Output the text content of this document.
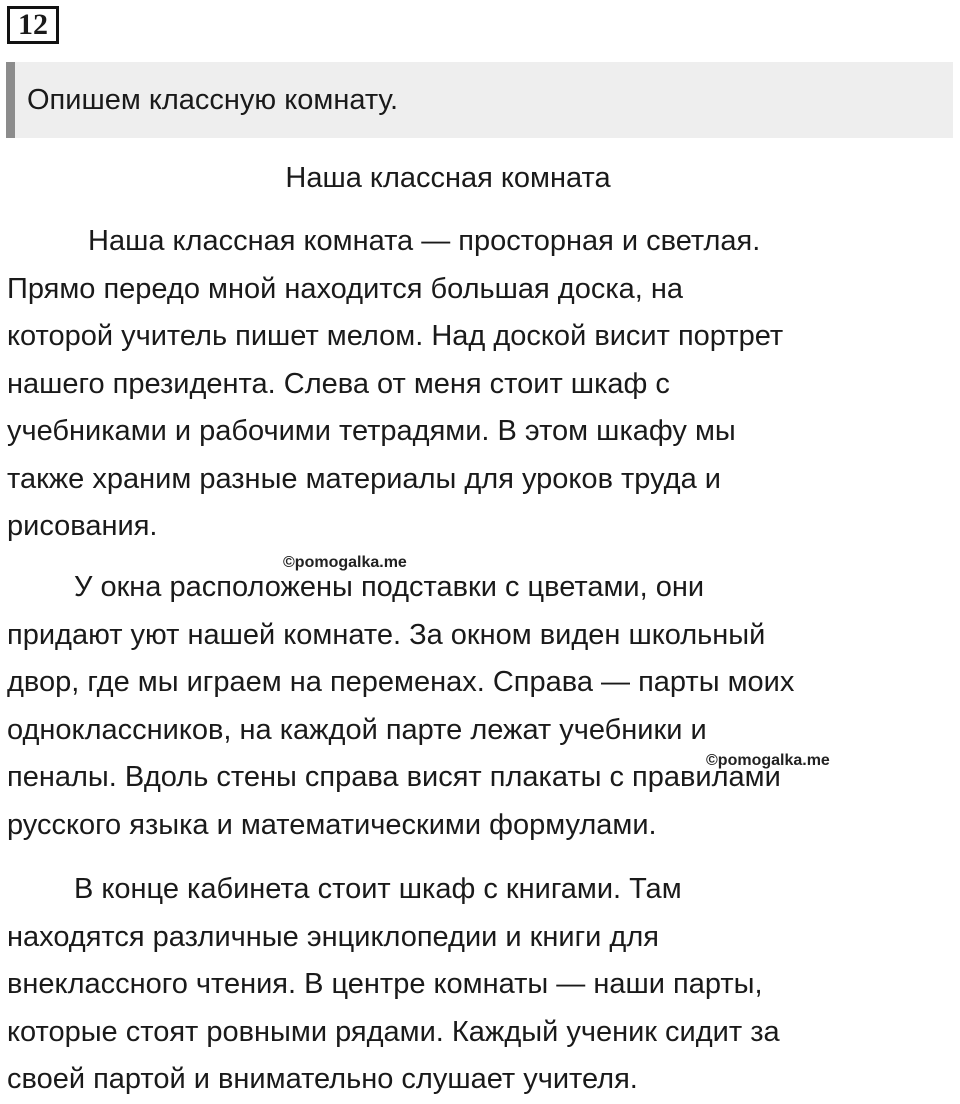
12
Опишем классную комнату.
Наша классная комната
Наша классная комната — просторная и светлая.
Прямо передо мной находится большая доска, на
которой учитель пишет мелом. Над доской висит портрет
нашего президента. Слева от меня стоит шкаф с
учебниками и рабочими тетрадями. В этом шкафу мы
также храним разные материалы для уроков труда и
рисования.
©pomogalka.me
У окна расположены подставки с цветами, они
придают уют нашей комнате. За окном виден школьный
двор, где мы играем на переменах. Справа — парты моих
одноклассников, на каждой парте лежат учебники и
пеналы. Вдоль стены справа висят плакаты с правилами
русского языка и математическими формулами.
©pomogalka.me
В конце кабинета стоит шкаф с книгами. Там
находятся различные энциклопедии и книги для
внеклассного чтения. В центре комнаты — наши парты,
которые стоят ровными рядами. Каждый ученик сидит за
своей партой и внимательно слушает учителя.
